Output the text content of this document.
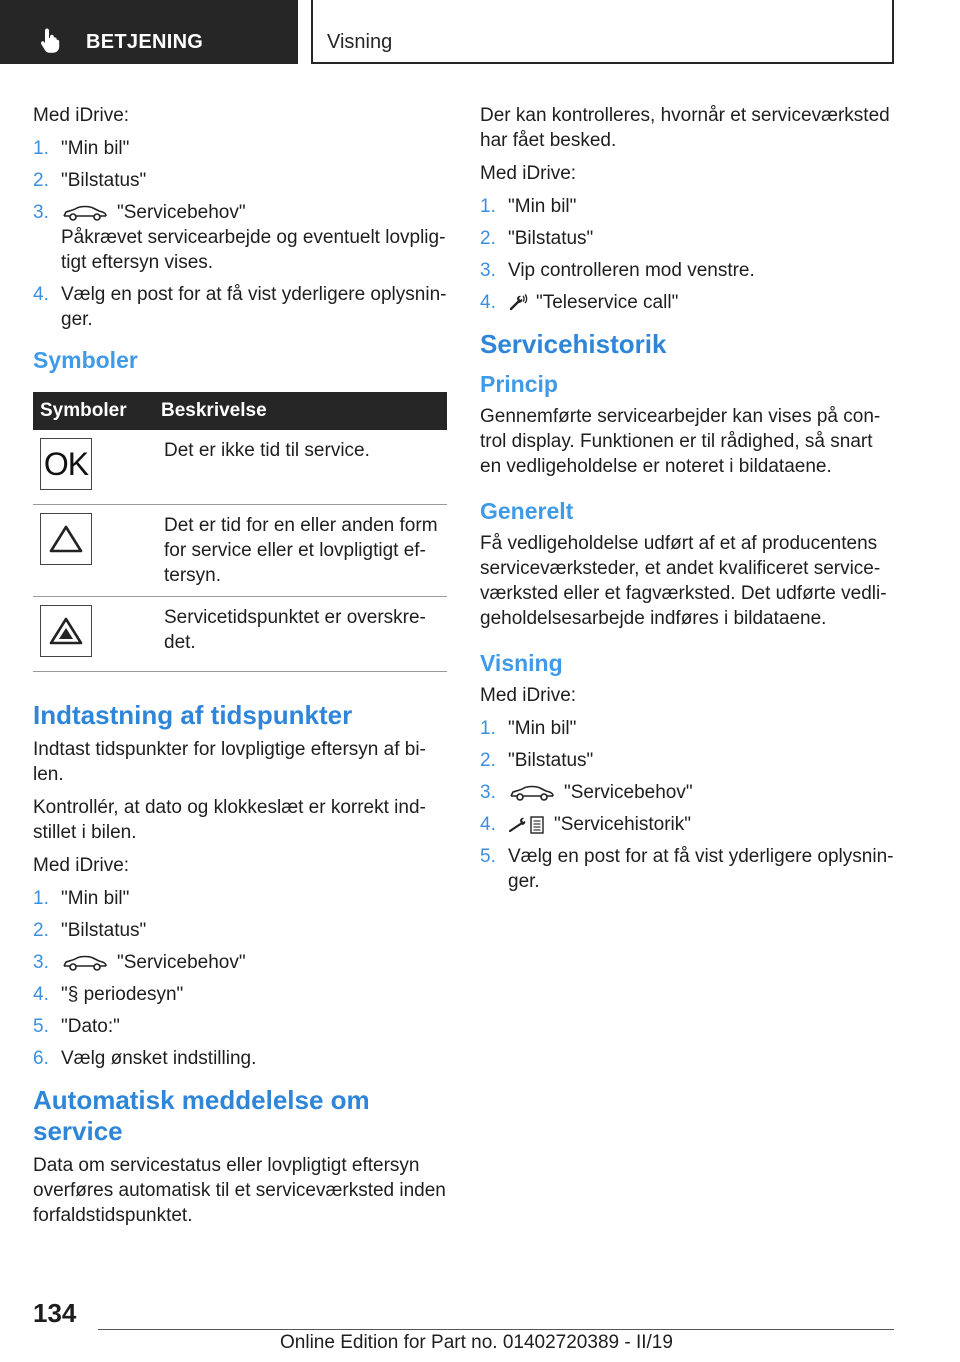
BETJENING	Visning

Med iDrive:

1. "Min bil"
2. "Bilstatus"
3.	"Servicebehov"
Påkrævet servicearbejde og eventuelt lovplig-tigt eftersyn vises.
4. Vælg en post for at få vist yderligere oplysnin-ger.
Symboler
Symboler	Beskrivelse

OK	Det er ikke tid til service.

	Det er tid for en eller anden form for service eller et lovpligtigt ef-tersyn.

	Servicetidspunktet er overskre-det.
Indtastning af tidspunkter

Indtast tidspunkter for lovpligtige eftersyn af bi-len.

Kontrollér, at dato og klokkeslæt er korrekt ind-stillet i bilen.

Med iDrive:

1. "Min bil"
2. "Bilstatus"
3.	"Servicebehov"
4. "§ periodesyn"
5. "Dato:"
6. Vælg ønsket indstilling.
Automatisk meddelelse om service

Data om servicestatus eller lovpligtigt eftersyn overføres automatisk til et serviceværksted inden forfaldstidspunktet.

Der kan kontrolleres, hvornår et serviceværksted har fået besked.

Med iDrive:

1. "Min bil"
2. "Bilstatus"
3. Vip controlleren mod venstre.
4. "Teleservice call"
Servicehistorik
Princip

Gennemførte servicearbejder kan vises på con-trol display. Funktionen er til rådighed, så snart en vedligeholdelse er noteret i bildataene.

Generelt

Få vedligeholdelse udført af et af producentens serviceværksteder, et andet kvalificeret service-værksted eller et fagværksted. Det udførte vedli-geholdelsesarbejde indføres i bildataene.

Visning

Med iDrive:

1. "Min bil"
2. "Bilstatus"
3.	"Servicebehov"
4.	"Servicehistorik"
5. Vælg en post for at få vist yderligere oplysnin-ger.
134
Online Edition for Part no. 01402720389 - II/19
